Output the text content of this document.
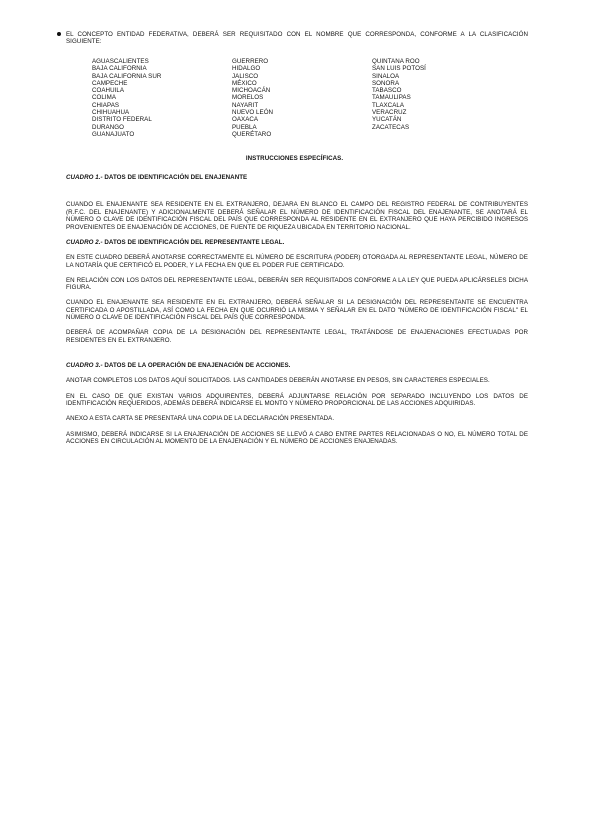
EL CONCEPTO ENTIDAD FEDERATIVA, DEBERÁ SER REQUISITADO CON EL NOMBRE QUE CORRESPONDA, CONFORME A LA CLASIFICACIÓN SIGUIENTE:

AGUASCALIENTES
BAJA CALIFORNIA
BAJA CALIFORNIA SUR
CAMPECHE
COAHUILA
COLIMA
CHIAPAS
CHIHUAHUA
DISTRITO FEDERAL
DURANGO
GUANAJUATO
GUERRERO
HIDALGO
JALISCO
MÉXICO
MICHOACÁN
MORELOS
NAYARIT
NUEVO LEÓN
OAXACA
PUEBLA
QUERÉTARO
QUINTANA ROO
SAN LUIS POTOSÍ
SINALOA
SONORA
TABASCO
TAMAULIPAS
TLAXCALA
VERACRUZ
YUCATÁN
ZACATECAS
INSTRUCCIONES ESPECÍFICAS.

CUADRO 1.- DATOS DE IDENTIFICACIÓN DEL ENAJENANTE

CUANDO EL ENAJENANTE SEA RESIDENTE EN EL EXTRANJERO, DEJARA EN BLANCO EL CAMPO DEL REGISTRO FEDERAL DE CONTRIBUYENTES (R.F.C. DEL ENAJENANTE) Y ADICIONALMENTE DEBERÁ SEÑALAR EL NÚMERO DE IDENTIFICACIÓN FISCAL DEL ENAJENANTE, SE ANOTARÁ EL NÚMERO O CLAVE DE IDENTIFICACIÓN FISCAL DEL PAÍS QUE CORRESPONDA AL RESIDENTE EN EL EXTRANJERO QUE HAYA PERCIBIDO INGRESOS PROVENIENTES DE ENAJENACIÓN DE ACCIONES, DE FUENTE DE RIQUEZA UBICADA EN TERRITORIO NACIONAL.

CUADRO 2.- DATOS DE IDENTIFICACIÓN DEL REPRESENTANTE LEGAL.

EN ESTE CUADRO DEBERÁ ANOTARSE CORRECTAMENTE EL NÚMERO DE ESCRITURA (PODER) OTORGADA AL REPRESENTANTE LEGAL, NÚMERO DE LA NOTARÍA QUE CERTIFICÓ EL PODER, Y LA FECHA EN QUE EL PODER FUE CERTIFICADO.

EN RELACIÓN CON LOS DATOS DEL REPRESENTANTE LEGAL, DEBERÁN SER REQUISITADOS CONFORME A LA LEY QUE PUEDA APLICÁRSELES DICHA FIGURA.

CUANDO EL ENAJENANTE SEA RESIDENTE EN EL EXTRANJERO, DEBERÁ SEÑALAR SI LA DESIGNACIÓN DEL REPRESENTANTE SE ENCUENTRA CERTIFICADA O APOSTILLADA, ASÍ COMO LA FECHA EN QUE OCURRIÓ LA MISMA Y SEÑALAR EN EL DATO "NÚMERO DE IDENTIFICACIÓN FISCAL" EL NÚMERO O CLAVE DE IDENTIFICACIÓN FISCAL DEL PAÍS QUE CORRESPONDA.

DEBERÁ DE ACOMPAÑAR COPIA DE LA DESIGNACIÓN DEL REPRESENTANTE LEGAL, TRATÁNDOSE DE ENAJENACIONES EFECTUADAS POR RESIDENTES EN EL EXTRANJERO.

CUADRO 3.- DATOS DE LA OPERACIÓN DE ENAJENACIÓN DE ACCIONES.

ANOTAR COMPLETOS LOS DATOS AQUÍ SOLICITADOS. LAS CANTIDADES DEBERÁN ANOTARSE EN PESOS, SIN CARACTERES ESPECIALES.

EN EL CASO DE QUE EXISTAN VARIOS ADQUIRENTES, DEBERÁ ADJUNTARSE RELACIÓN POR SEPARADO INCLUYENDO LOS DATOS DE IDENTIFICACIÓN REQUERIDOS, ADEMÁS DEBERÁ INDICARSE EL MONTO Y NÚMERO PROPORCIONAL DE LAS ACCIONES ADQUIRIDAS.

ANEXO A ESTA CARTA SE PRESENTARÁ UNA COPIA DE LA DECLARACIÓN PRESENTADA.

ASIMISMO, DEBERÁ INDICARSE SI LA ENAJENACIÓN DE ACCIONES SE LLEVÓ A CABO ENTRE PARTES RELACIONADAS O NO, EL NÚMERO TOTAL DE ACCIONES EN CIRCULACIÓN AL MOMENTO DE LA ENAJENACIÓN Y EL NÚMERO DE ACCIONES ENAJENADAS.
